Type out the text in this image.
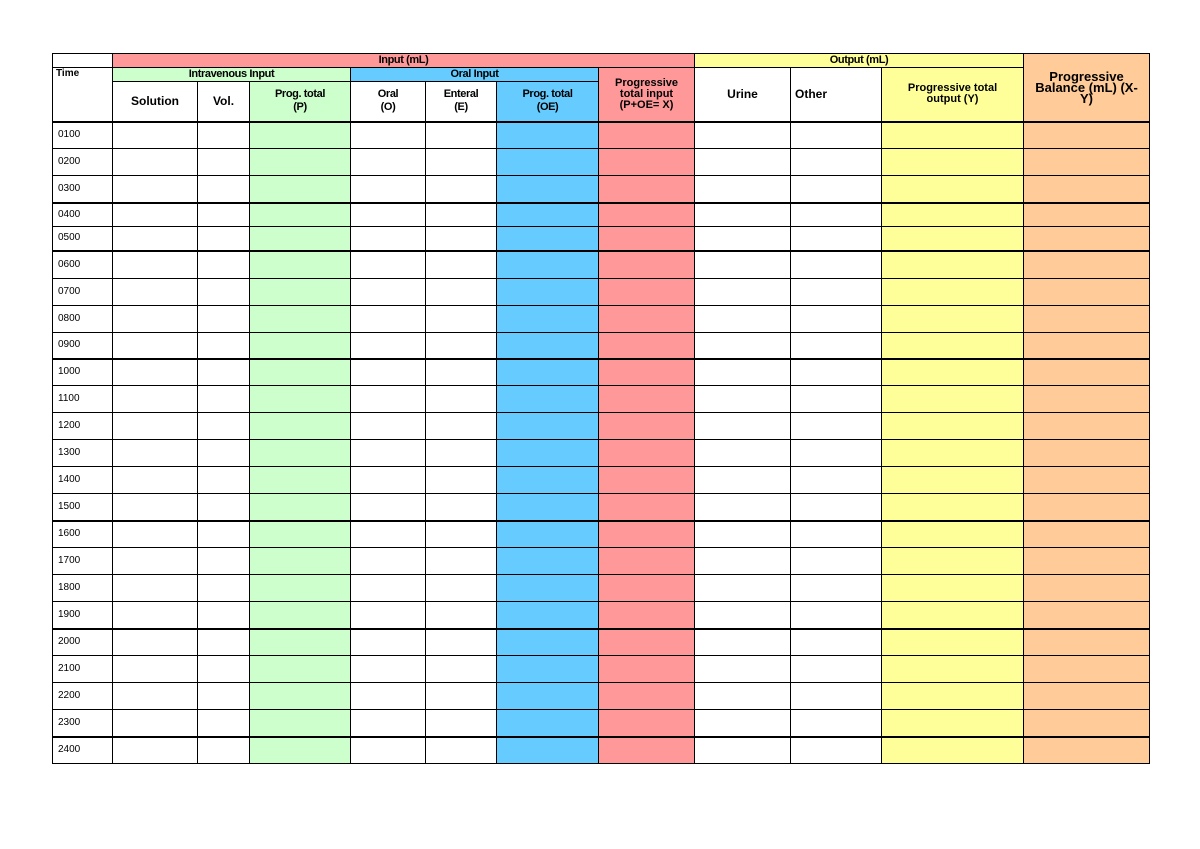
	Input (mL)							Output (mL)			Progressive Balance (mL) (X-Y)
Time	Intravenous Input			Oral Input			Progressive total input (P+OE= X)	Urine	Other	Progressive total output (Y)	
	Solution	Vol.	Prog. total (P)	Oral (O)	Enteral (E)	Prog. total (OE)					
0100											
0200											
0300											
0400											
0500											
0600											
0700											
0800											
0900											
1000											
1100											
1200											
1300											
1400											
1500											
1600											
1700											
1800											
1900											
2000											
2100											
2200											
2300											
2400											
